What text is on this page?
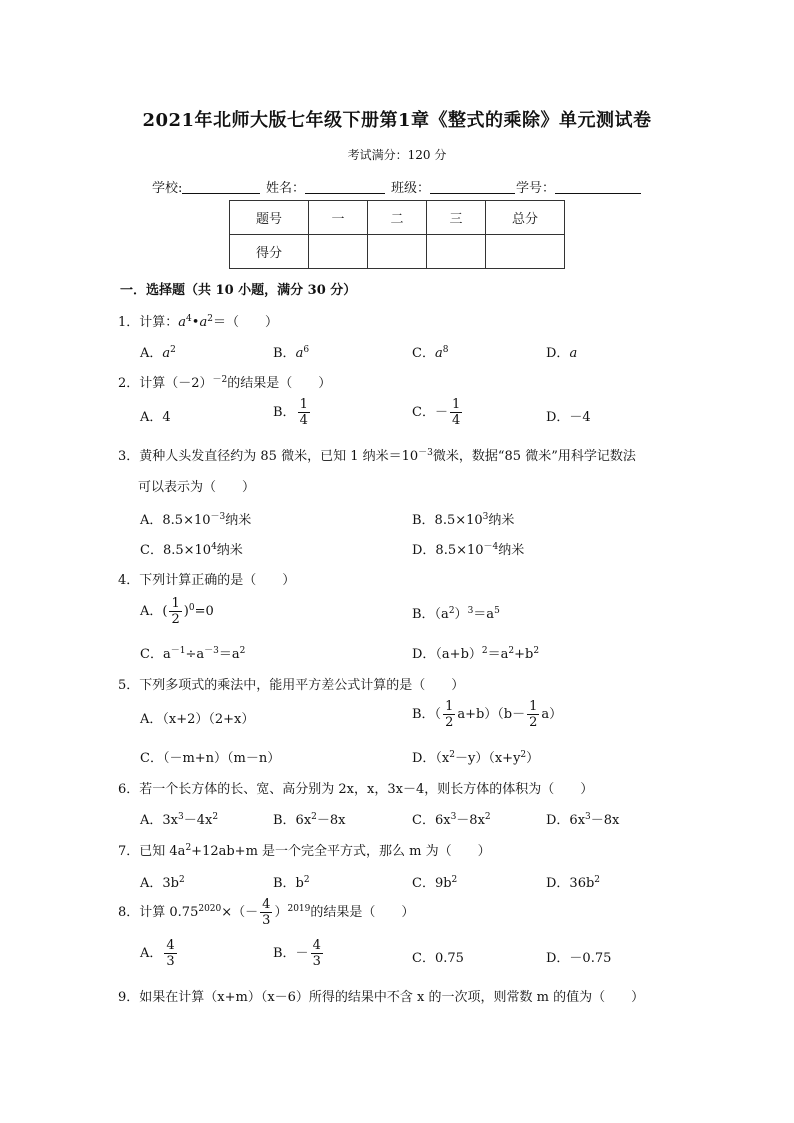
2021年北师大版七年级下册第1章《整式的乘除》单元测试卷
考试满分：120 分
学校:	姓名：	班级：	学号：
题号	一	二	三	总分
得分				
一．选择题（共 10 小题，满分 30 分）
1．计算：$a^4•a^2=$（　　）
A．$a^2$	B．$a^6$	C．$a^8$	D．a
2．计算$(-2)^{-2}$的结果是（　　）
A．4	B． $\frac{1}{4}$	C．－ $\frac{1}{4}$	D．－4
3．黄种人头发直径约为 85 微米，已知 1 纳米$=10^{-3}$微米，数据“85 微米”用科学记数法
可以表示为（　　）
A．$8.5\times 10^{-3}$纳米	B．$8.5\times 10^3$纳米
C．$8.5\times 10^4$纳米	D．$8.5\times 10^{-4}$纳米
4．下列计算正确的是（　　）
A．( $\frac{1}{2} )^0=0$	B．$(a^2)^3=a^5$
C．$a^{-1}\div a^{-3}=a^2$	D．$(a+b)^2=a^2+b^2$
5．下列多项式的乘法中，能用平方差公式计算的是（　　）
A．（x+2）（2+x）	B．（ $\frac{1}{2} a+b)(b- \frac{1}{2} a)$
C．（－m+n）（m－n）	D．$(x^2-y)(x+y^2)$
6．若一个长方体的长、宽、高分别为 2x，x，3x－4，则长方体的体积为（　　）
A．$3x^3-4x^2$	B．$6x^2-8x$	C．$6x^3-8x^2$	D．$6x^3-8x$
7．已知 $4a^2+12ab+m$ 是一个完全平方式，那么 m 为（　　）
A．$3b^2$	B．$b^2$	C．$9b^2$	D．$36b^2$
8．计算 $0.75^{2020}\times(- \frac{4}{3} )^{2019}$的结果是（　　）
A． $\frac{4}{3}$	B．－ $\frac{4}{3}$	C．0.75	D．－0.75
9．如果在计算（x+m）（x－6）所得的结果中不含 x 的一次项，则常数 m 的值为（　　）
